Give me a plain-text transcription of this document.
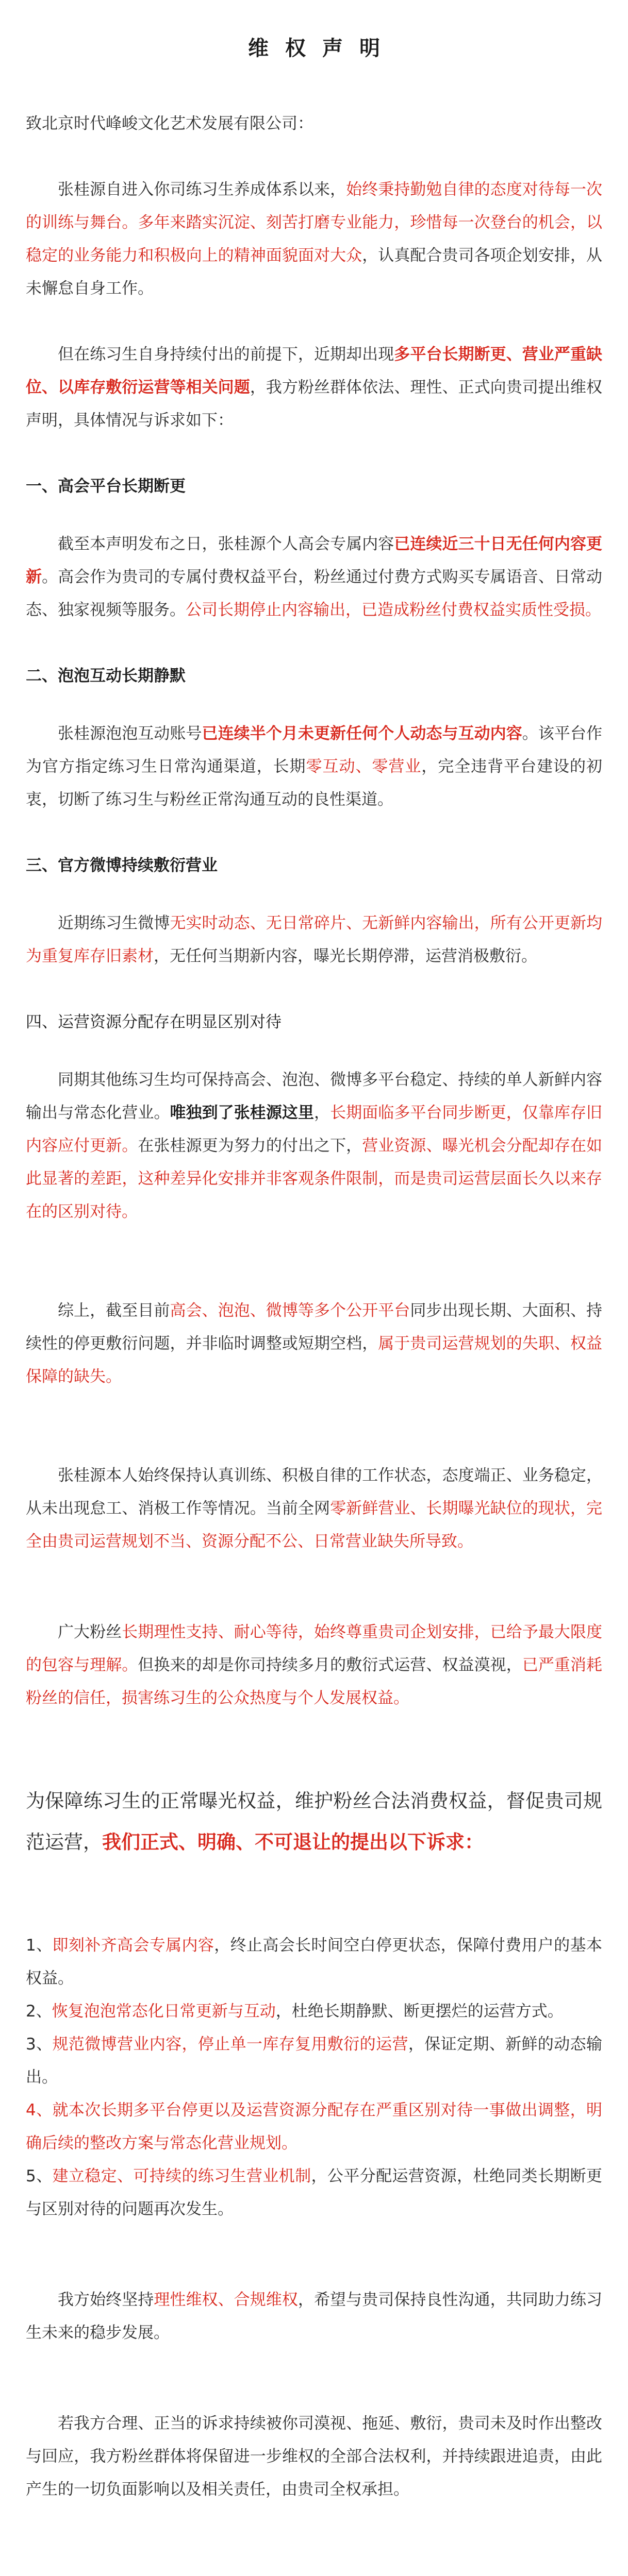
维权声明

致北京时代峰峻文化艺术发展有限公司：

张桂源自进入你司练习生养成体系以来，始终秉持勤勉自律的态度对待每一次的训练与舞台。多年来踏实沉淀、刻苦打磨专业能力，珍惜每一次登台的机会，以稳定的业务能力和积极向上的精神面貌面对大众，认真配合贵司各项企划安排，从未懈怠自身工作。

但在练习生自身持续付出的前提下，近期却出现多平台长期断更、营业严重缺位、以库存敷衍运营等相关问题，我方粉丝群体依法、理性、正式向贵司提出维权声明，具体情况与诉求如下：

一、高会平台长期断更

截至本声明发布之日，张桂源个人高会专属内容已连续近三十日无任何内容更新。高会作为贵司的专属付费权益平台，粉丝通过付费方式购买专属语音、日常动态、独家视频等服务。公司长期停止内容输出，已造成粉丝付费权益实质性受损。

二、泡泡互动长期静默

张桂源泡泡互动账号已连续半个月未更新任何个人动态与互动内容。该平台作为官方指定练习生日常沟通渠道，长期零互动、零营业，完全违背平台建设的初衷，切断了练习生与粉丝正常沟通互动的良性渠道。

三、官方微博持续敷衍营业

近期练习生微博无实时动态、无日常碎片、无新鲜内容输出，所有公开更新均为重复库存旧素材，无任何当期新内容，曝光长期停滞，运营消极敷衍。

四、运营资源分配存在明显区别对待

同期其他练习生均可保持高会、泡泡、微博多平台稳定、持续的单人新鲜内容输出与常态化营业。唯独到了张桂源这里，长期面临多平台同步断更，仅靠库存旧内容应付更新。在张桂源更为努力的付出之下，营业资源、曝光机会分配却存在如此显著的差距，这种差异化安排并非客观条件限制，而是贵司运营层面长久以来存在的区别对待。

综上，截至目前高会、泡泡、微博等多个公开平台同步出现长期、大面积、持续性的停更敷衍问题，并非临时调整或短期空档，属于贵司运营规划的失职、权益保障的缺失。

张桂源本人始终保持认真训练、积极自律的工作状态，态度端正、业务稳定，从未出现怠工、消极工作等情况。当前全网零新鲜营业、长期曝光缺位的现状，完全由贵司运营规划不当、资源分配不公、日常营业缺失所导致。

广大粉丝长期理性支持、耐心等待，始终尊重贵司企划安排，已给予最大限度的包容与理解。但换来的却是你司持续多月的敷衍式运营、权益漠视，已严重消耗粉丝的信任，损害练习生的公众热度与个人发展权益。

为保障练习生的正常曝光权益，维护粉丝合法消费权益，督促贵司规范运营，我们正式、明确、不可退让的提出以下诉求：

1、即刻补齐高会专属内容，终止高会长时间空白停更状态，保障付费用户的基本权益。
2、恢复泡泡常态化日常更新与互动，杜绝长期静默、断更摆烂的运营方式。
3、规范微博营业内容，停止单一库存复用敷衍的运营，保证定期、新鲜的动态输出。
4、就本次长期多平台停更以及运营资源分配存在严重区别对待一事做出调整，明确后续的整改方案与常态化营业规划。
5、建立稳定、可持续的练习生营业机制，公平分配运营资源，杜绝同类长期断更与区别对待的问题再次发生。

我方始终坚持理性维权、合规维权，希望与贵司保持良性沟通，共同助力练习生未来的稳步发展。

若我方合理、正当的诉求持续被你司漠视、拖延、敷衍，贵司未及时作出整改与回应，我方粉丝群体将保留进一步维权的全部合法权利，并持续跟进追责，由此产生的一切负面影响以及相关责任，由贵司全权承担。
